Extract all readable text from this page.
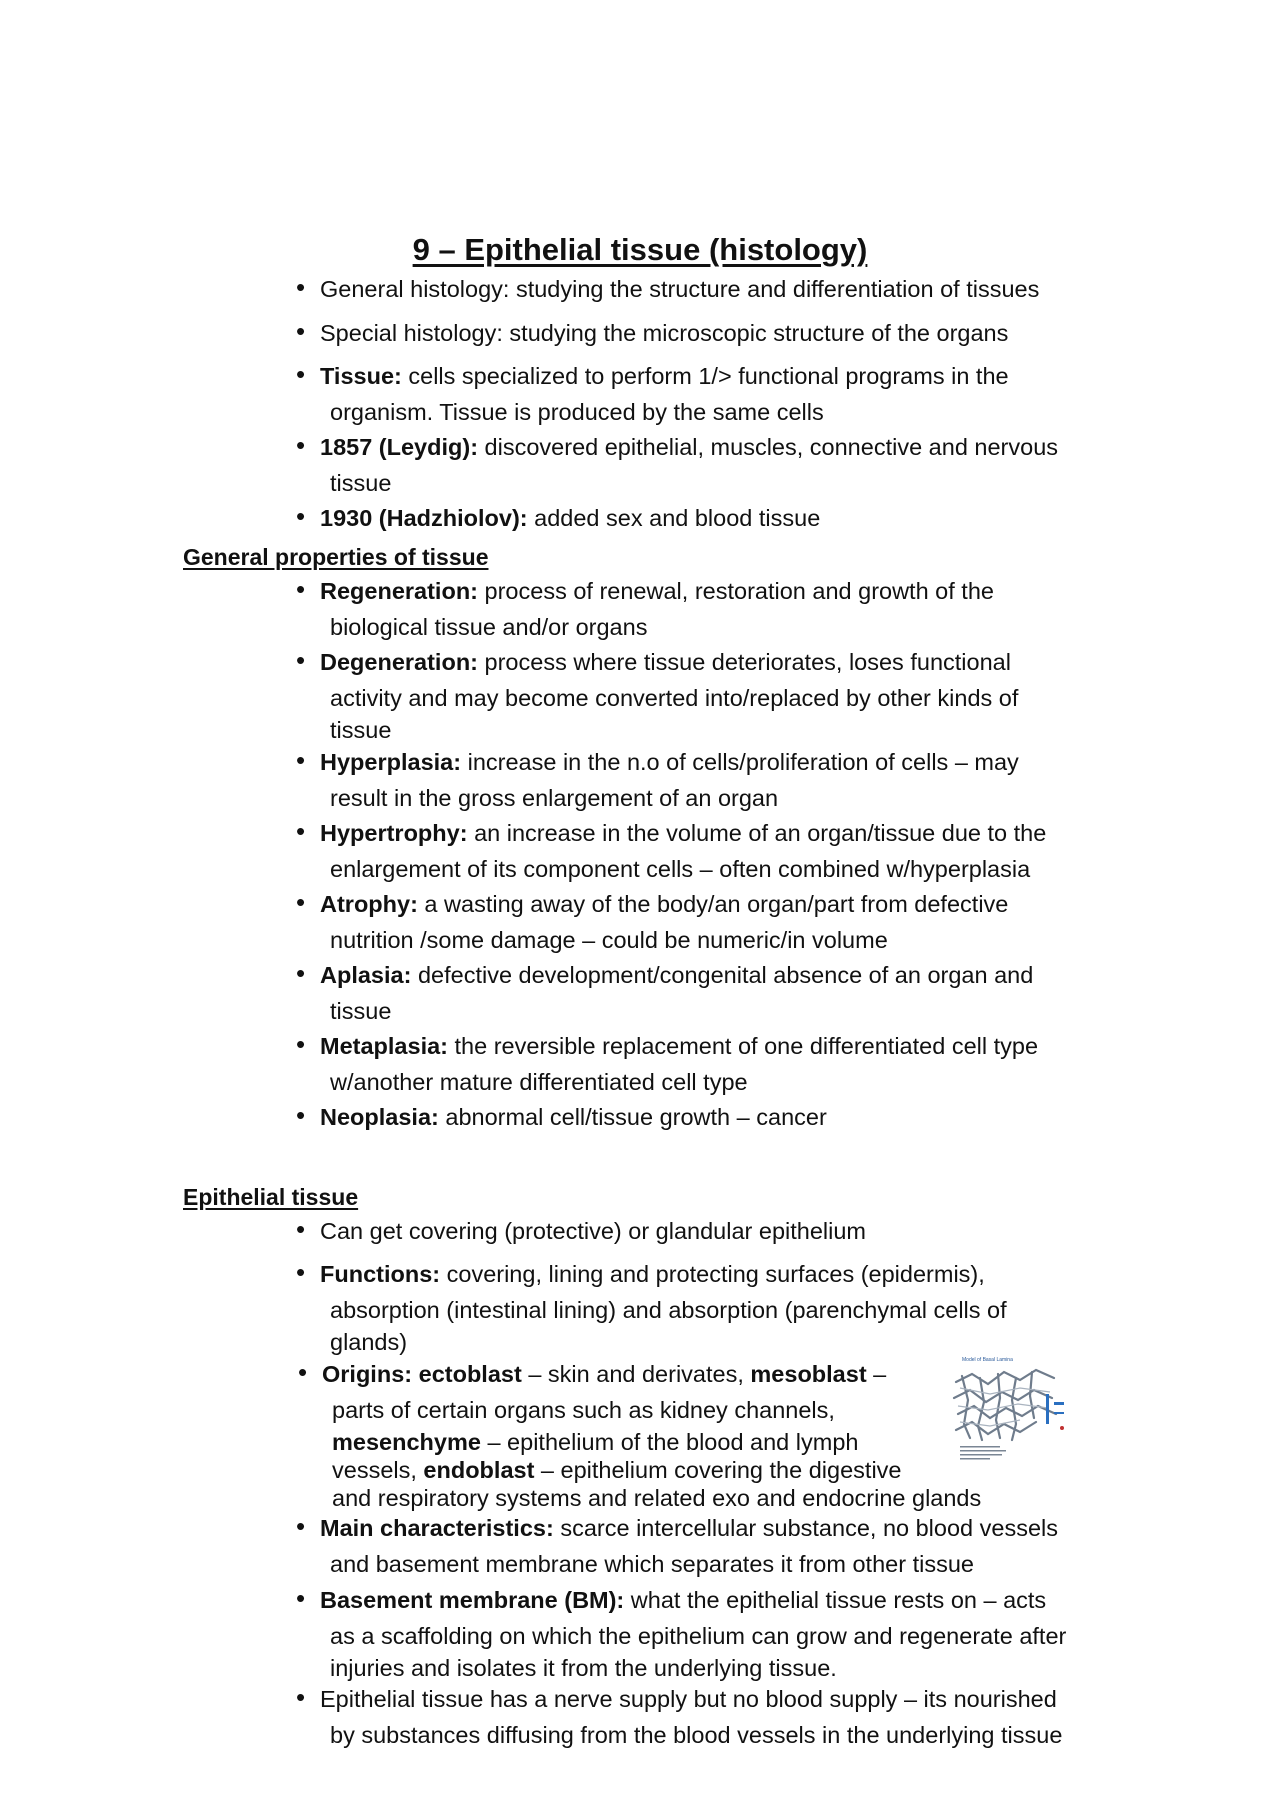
9 – Epithelial tissue (histology)
• General histology: studying the structure and differentiation of tissues
• Special histology: studying the microscopic structure of the organs
• Tissue: cells specialized to perform 1/> functional programs in the
organism. Tissue is produced by the same cells
• 1857 (Leydig): discovered epithelial, muscles, connective and nervous
tissue
• 1930 (Hadzhiolov): added sex and blood tissue
General properties of tissue
• Regeneration: process of renewal, restoration and growth of the
biological tissue and/or organs
• Degeneration: process where tissue deteriorates, loses functional
activity and may become converted into/replaced by other kinds of
tissue
• Hyperplasia: increase in the n.o of cells/proliferation of cells – may
result in the gross enlargement of an organ
• Hypertrophy: an increase in the volume of an organ/tissue due to the
enlargement of its component cells – often combined w/hyperplasia
• Atrophy: a wasting away of the body/an organ/part from defective
nutrition /some damage – could be numeric/in volume
• Aplasia: defective development/congenital absence of an organ and
tissue
• Metaplasia: the reversible replacement of one differentiated cell type
w/another mature differentiated cell type
• Neoplasia: abnormal cell/tissue growth – cancer
Epithelial tissue
• Can get covering (protective) or glandular epithelium
• Functions: covering, lining and protecting surfaces (epidermis),
absorption (intestinal lining) and absorption (parenchymal cells of
glands)
• Origins: ectoblast – skin and derivates, mesoblast –
parts of certain organs such as kidney channels,
mesenchyme – epithelium of the blood and lymph
vessels, endoblast – epithelium covering the digestive
and respiratory systems and related exo and endocrine glands
Model of Basal Lamina
• Main characteristics: scarce intercellular substance, no blood vessels
and basement membrane which separates it from other tissue
• Basement membrane (BM): what the epithelial tissue rests on – acts
as a scaffolding on which the epithelium can grow and regenerate after
injuries and isolates it from the underlying tissue.
• Epithelial tissue has a nerve supply but no blood supply – its nourished
by substances diffusing from the blood vessels in the underlying tissue
